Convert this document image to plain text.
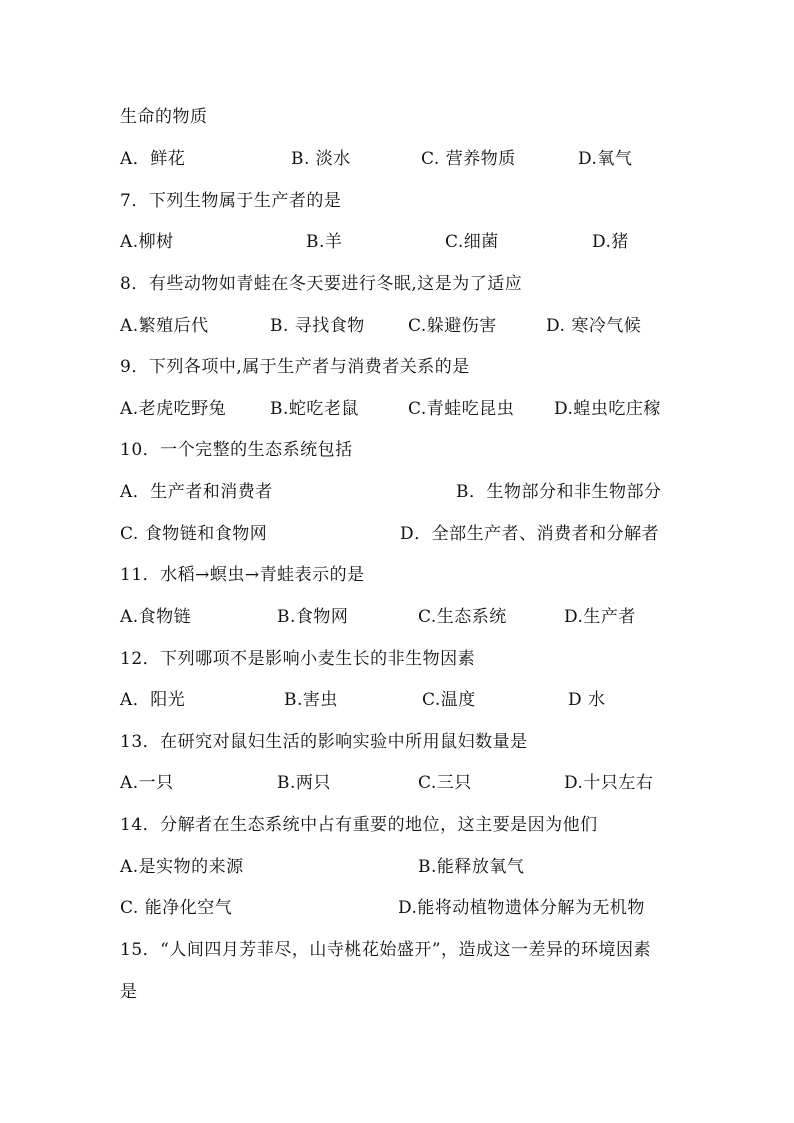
生命的物质
A．鲜花	B. 淡水	C. 营养物质	D.氧气
7．下列生物属于生产者的是
A.柳树	B.羊	C.细菌	D.猪
8．有些动物如青蛙在冬天要进行冬眠,这是为了适应
A.繁殖后代	B. 寻找食物	C.躲避伤害	D. 寒冷气候
9．下列各项中,属于生产者与消费者关系的是
A.老虎吃野兔	B.蛇吃老鼠	C.青蛙吃昆虫 D.蝗虫吃庄稼
10．一个完整的生态系统包括
A．生产者和消费者	B．生物部分和非生物部分
C. 食物链和食物网	D．全部生产者、消费者和分解者
11．水稻→螟虫→青蛙表示的是
A.食物链	B.食物网	C.生态系统	D.生产者
12．下列哪项不是影响小麦生长的非生物因素
A．阳光	B.害虫	C.温度	D 水
13．在研究对鼠妇生活的影响实验中所用鼠妇数量是
A.一只	B.两只	C.三只	D.十只左右
14．分解者在生态系统中占有重要的地位，这主要是因为他们
A.是实物的来源	B.能释放氧气
C. 能净化空气	D.能将动植物遗体分解为无机物
15．“人间四月芳菲尽，山寺桃花始盛开”，造成这一差异的环境因素
是
